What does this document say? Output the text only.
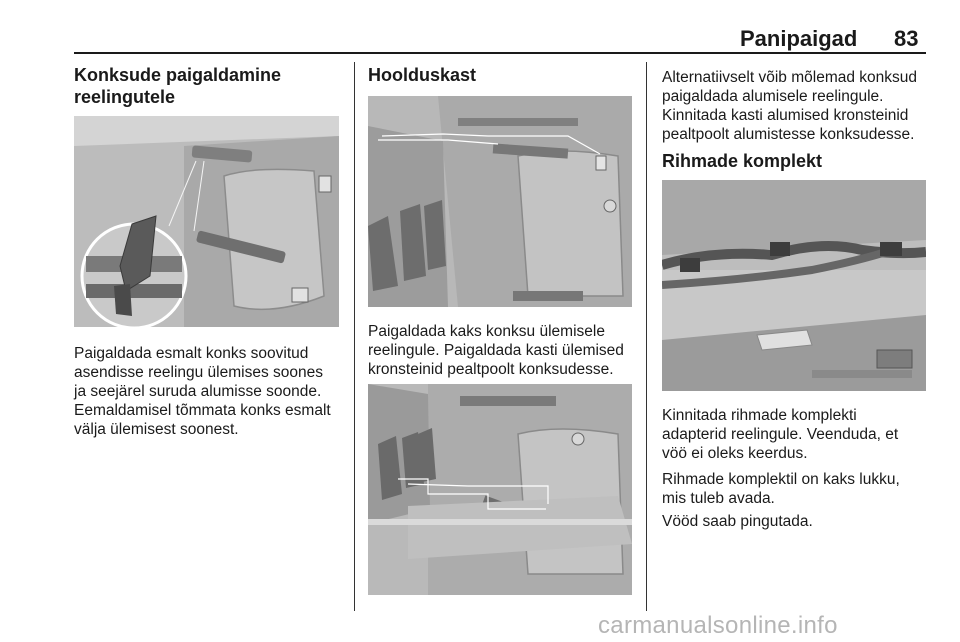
Panipaigad 83
Konksude paigaldamine
reelingutele

Paigaldada esmalt konks soovitud
asendisse reelingu ülemises soones
ja seejärel suruda alumisse soonde.
Eemaldamisel tõmmata konks esmalt
välja ülemisest soonest.

Hoolduskast

Paigaldada kaks konksu ülemisele
reelingule. Paigaldada kasti ülemised
kronsteinid pealtpoolt konksudesse.

Alternatiivselt võib mõlemad konksud
paigaldada alumisele reelingule.
Kinnitada kasti alumised kronsteinid
pealtpoolt alumistesse konksudesse.

Rihmade komplekt

Kinnitada rihmade komplekti
adapterid reelingule. Veenduda, et
vöö ei oleks keerdus.

Rihmade komplektil on kaks lukku,
mis tuleb avada.

Vööd saab pingutada.

carmanualsonline.info
